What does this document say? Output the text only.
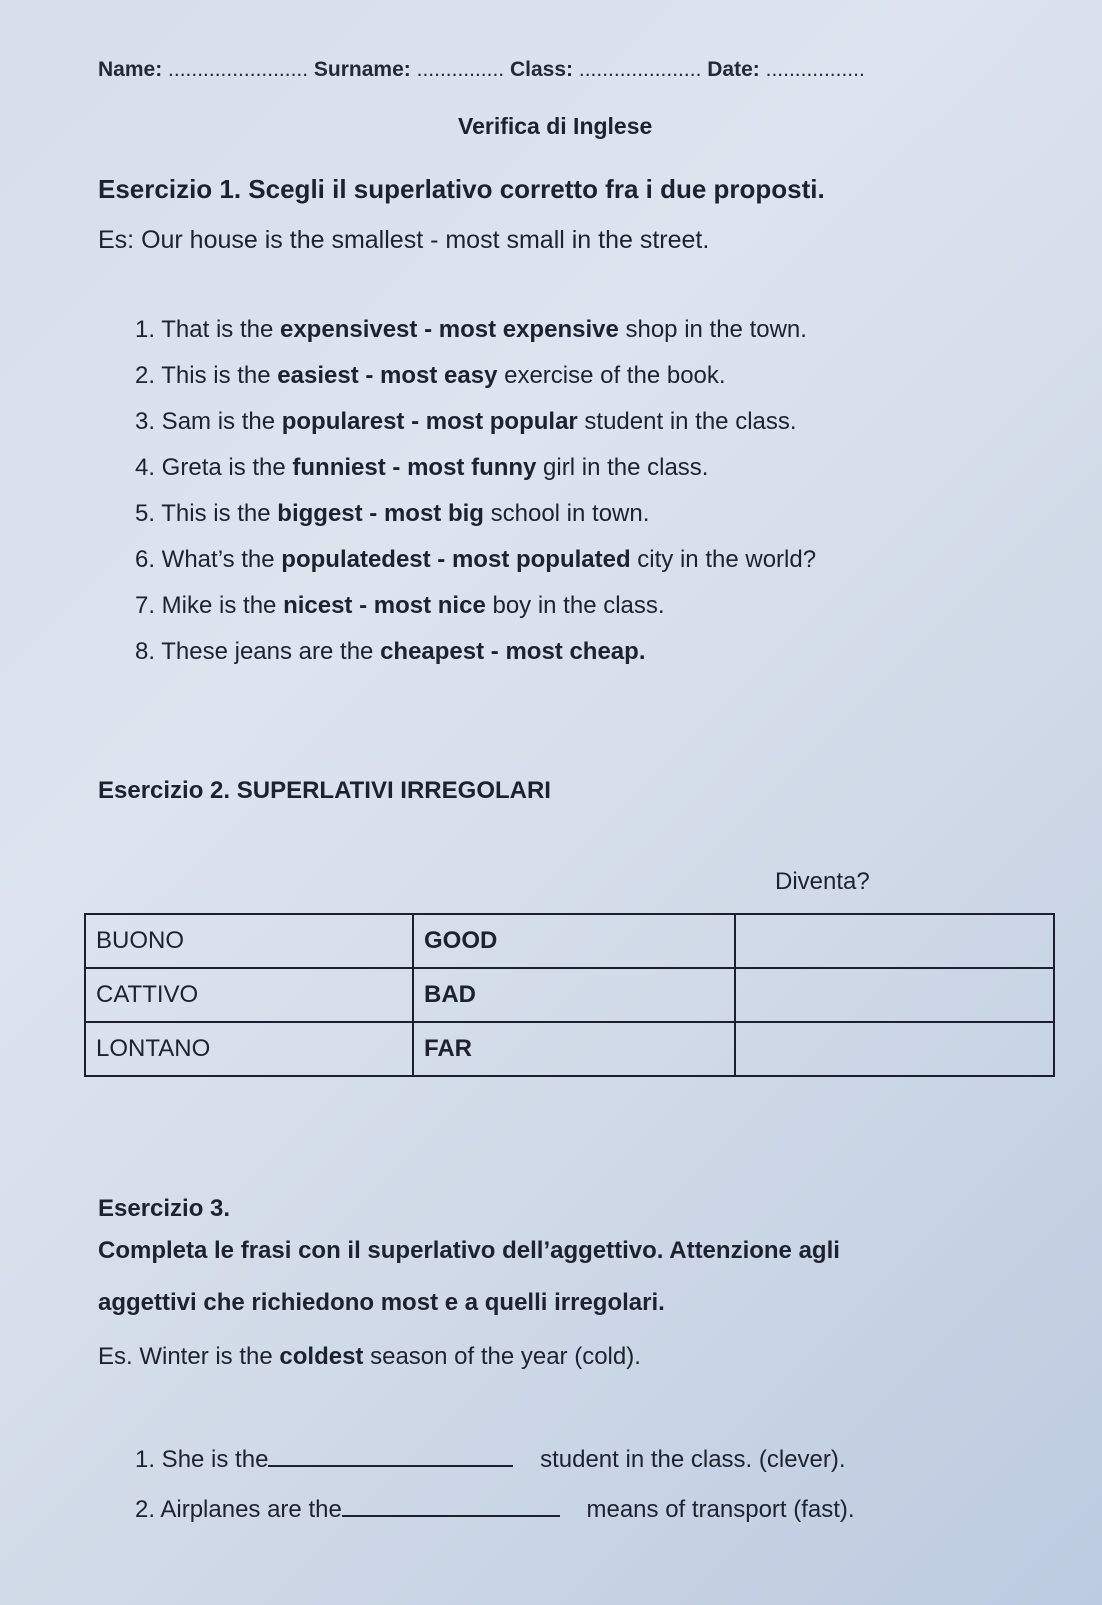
Name: ........................ Surname: ............... Class: ..................... Date: .................
Verifica di Inglese
Esercizio 1. Scegli il superlativo corretto fra i due proposti.
Es: Our house is the smallest - most small in the street.
1. That is the expensivest - most expensive shop in the town.
2. This is the easiest - most easy exercise of the book.
3. Sam is the popularest - most popular student in the class.
4. Greta is the funniest - most funny girl in the class.
5. This is the biggest - most big school in town.
6. What’s the populatedest - most populated city in the world?
7. Mike is the nicest - most nice boy in the class.
8. These jeans are the cheapest - most cheap.
Esercizio 2. SUPERLATIVI IRREGOLARI
Diventa?
BUONO	GOOD	
CATTIVO	BAD	
LONTANO	FAR	
Esercizio 3.
Completa le frasi con il superlativo dell’aggettivo. Attenzione agli
aggettivi che richiedono most e a quelli irregolari.
Es. Winter is the coldest season of the year (cold).
1. She is the	student in the class. (clever).
2. Airplanes are the	means of transport (fast).
